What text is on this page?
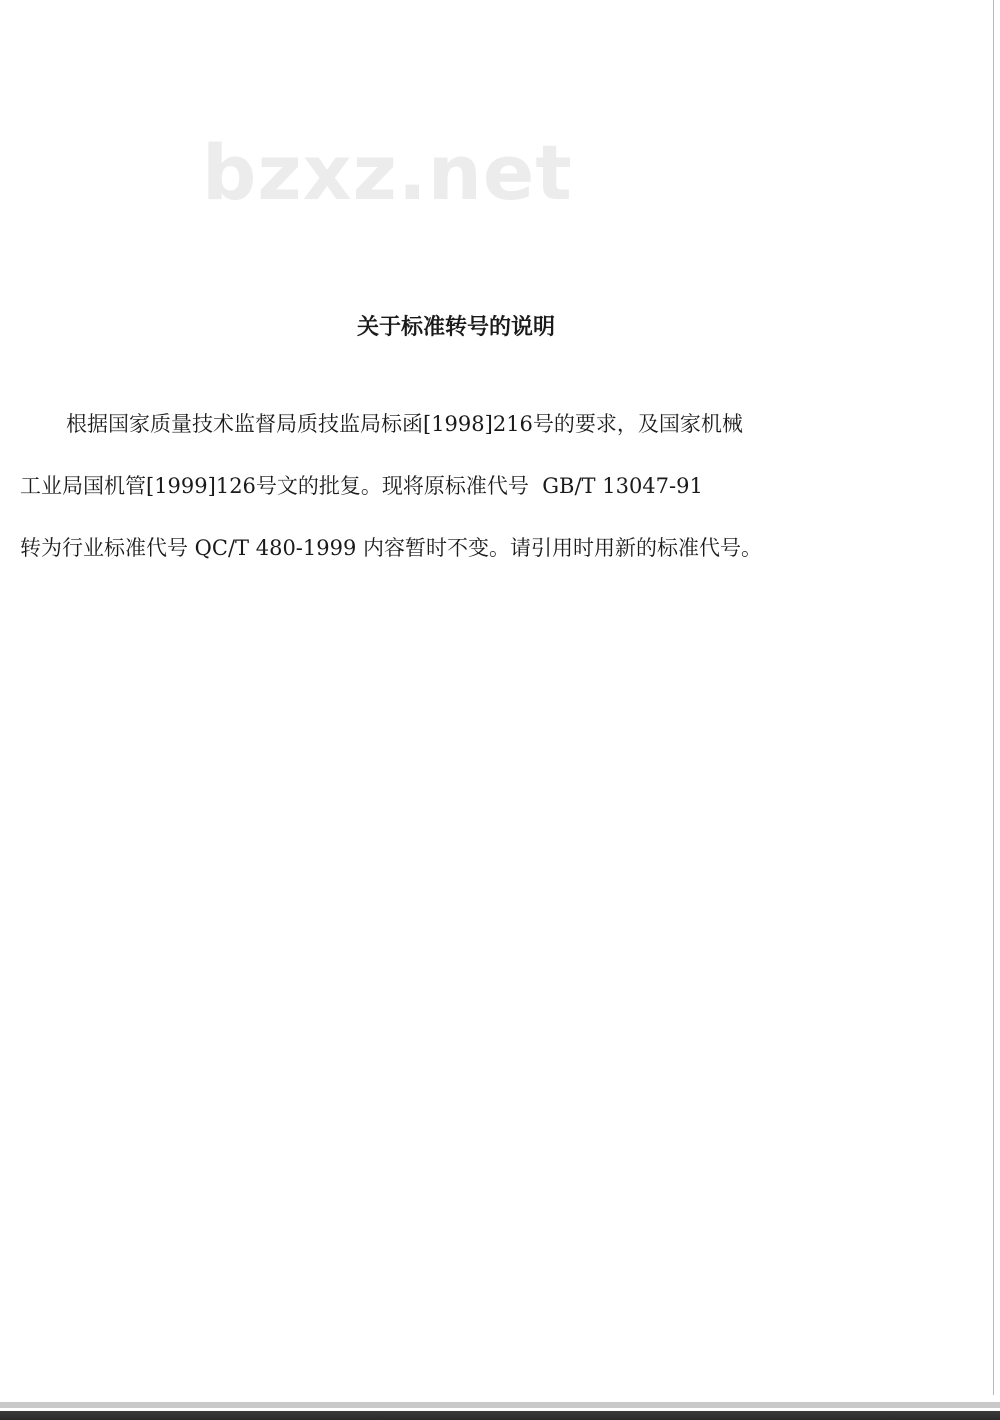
bzxz.net
关于标准转号的说明
根据国家质量技术监督局质技监局标函[1998]216号的要求，及国家机械
工业局国机管[1999]126号文的批复。现将原标准代号  GB/T 13047-91
转为行业标准代号 QC/T 480-1999 内容暂时不变。请引用时用新的标准代号。
